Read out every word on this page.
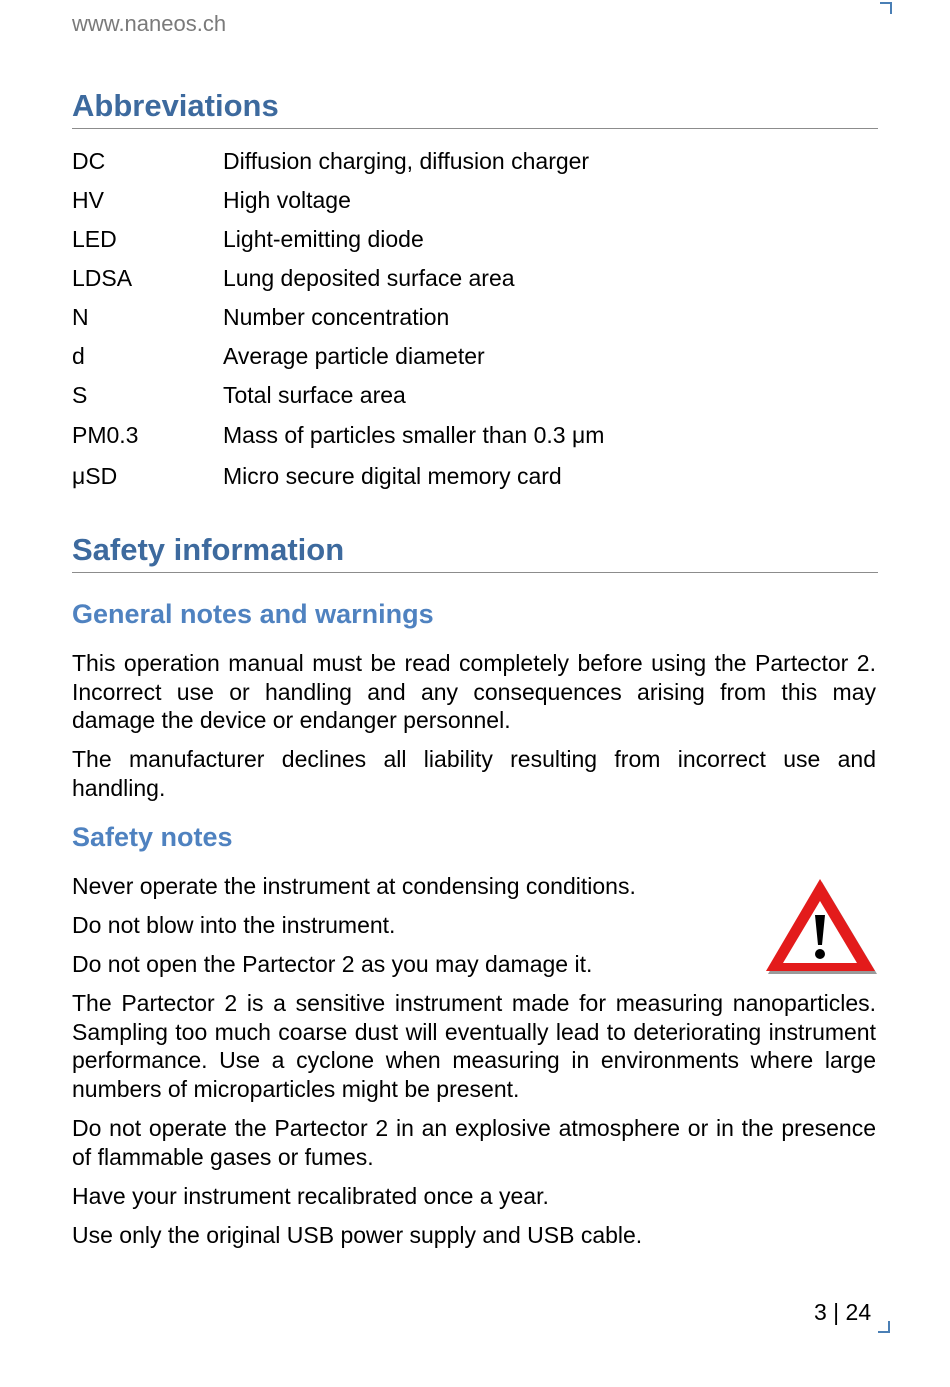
www.naneos.ch
Abbreviations
DC	Diffusion charging, diffusion charger
HV	High voltage
LED	Light-emitting diode
LDSA	Lung deposited surface area
N	Number concentration
d	Average particle diameter
S	Total surface area
PM0.3	Mass of particles smaller than 0.3 μm
μSD	Micro secure digital memory card
Safety information
General notes and warnings
This operation manual must be read completely before using the Partector 2. Incorrect use or handling and any consequences arising from this may damage the device or endanger personnel.
The manufacturer declines all liability resulting from incorrect use and handling.
Safety notes
Never operate the instrument at condensing conditions.
Do not blow into the instrument.
Do not open the Partector 2 as you may damage it.
The Partector 2 is a sensitive instrument made for measuring nanoparticles. Sampling too much coarse dust will eventually lead to deteriorating instrument performance. Use a cyclone when measuring in environments where large numbers of microparticles might be present.
Do not operate the Partector 2 in an explosive atmosphere or in the presence of flammable gases or fumes.
Have your instrument recalibrated once a year.
Use only the original USB power supply and USB cable.
3 | 24
